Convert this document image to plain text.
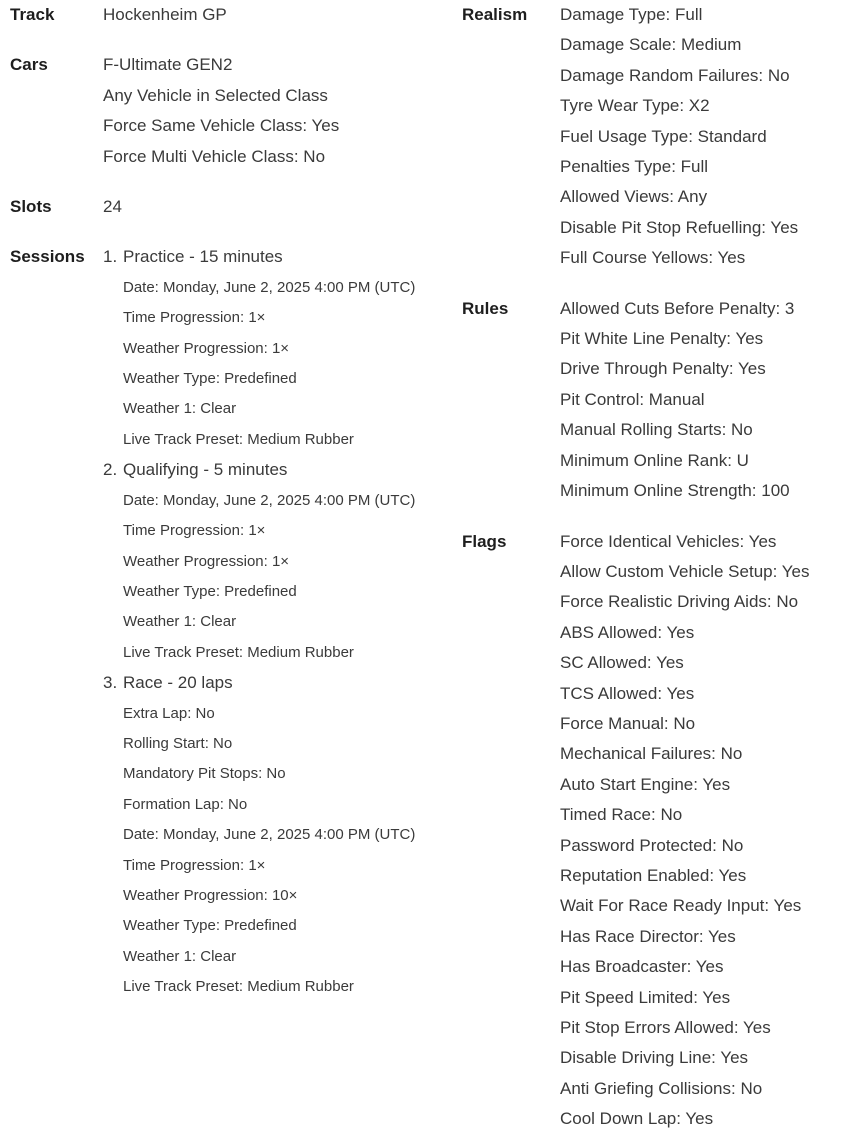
Track	Hockenheim GP
Cars	F-Ultimate GEN2
Any Vehicle in Selected Class
Force Same Vehicle Class: Yes
Force Multi Vehicle Class: No
Slots	24
Sessions	1. Practice - 15 minutes
Date: Monday, June 2, 2025 4:00 PM (UTC)
Time Progression: 1×
Weather Progression: 1×
Weather Type: Predefined
Weather 1: Clear
Live Track Preset: Medium Rubber
2. Qualifying - 5 minutes
Date: Monday, June 2, 2025 4:00 PM (UTC)
Time Progression: 1×
Weather Progression: 1×
Weather Type: Predefined
Weather 1: Clear
Live Track Preset: Medium Rubber
3. Race - 20 laps
Extra Lap: No
Rolling Start: No
Mandatory Pit Stops: No
Formation Lap: No
Date: Monday, June 2, 2025 4:00 PM (UTC)
Time Progression: 1×
Weather Progression: 10×
Weather Type: Predefined
Weather 1: Clear
Live Track Preset: Medium Rubber
Realism	Damage Type: Full
Damage Scale: Medium
Damage Random Failures: No
Tyre Wear Type: X2
Fuel Usage Type: Standard
Penalties Type: Full
Allowed Views: Any
Disable Pit Stop Refuelling: Yes
Full Course Yellows: Yes
Rules	Allowed Cuts Before Penalty: 3
Pit White Line Penalty: Yes
Drive Through Penalty: Yes
Pit Control: Manual
Manual Rolling Starts: No
Minimum Online Rank: U
Minimum Online Strength: 100
Flags	Force Identical Vehicles: Yes
Allow Custom Vehicle Setup: Yes
Force Realistic Driving Aids: No
ABS Allowed: Yes
SC Allowed: Yes
TCS Allowed: Yes
Force Manual: No
Mechanical Failures: No
Auto Start Engine: Yes
Timed Race: No
Password Protected: No
Reputation Enabled: Yes
Wait For Race Ready Input: Yes
Has Race Director: Yes
Has Broadcaster: Yes
Pit Speed Limited: Yes
Pit Stop Errors Allowed: Yes
Disable Driving Line: Yes
Anti Griefing Collisions: No
Cool Down Lap: Yes
